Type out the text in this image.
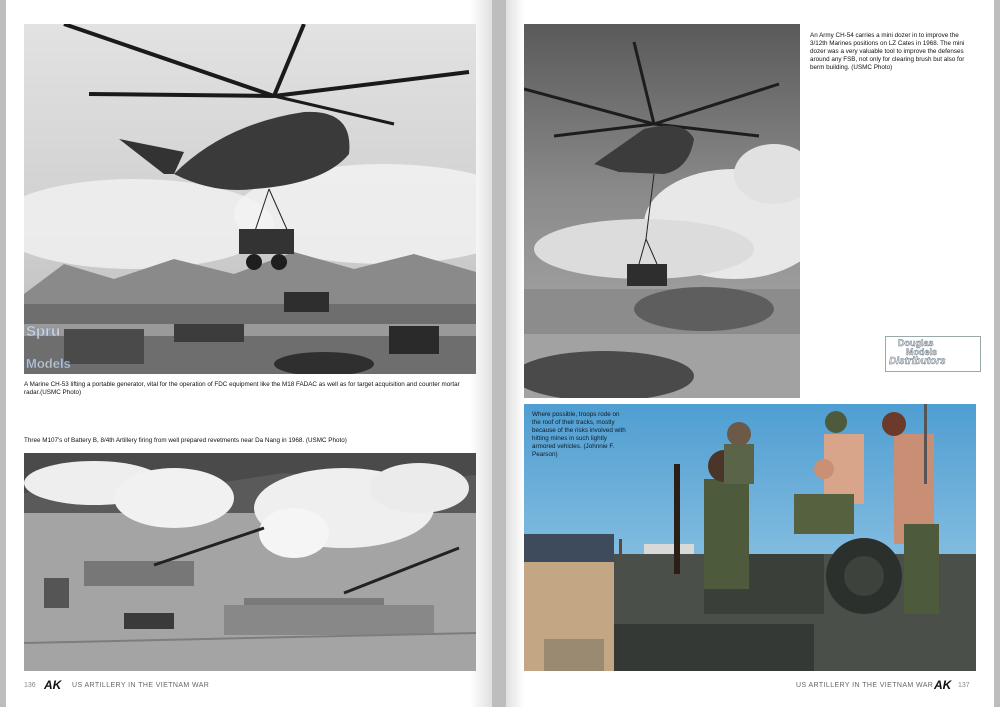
A Marine CH-53 lifting a portable generator, vital for the operation of FDC equipment like the M18 FADAC as well as for target acquisition and counter mortar radar.(USMC Photo)
Three M107's of Battery B, 8/4th Artillery firing from well prepared revetments near Da Nang in 1968. (USMC Photo)
Spru
Models
136 AK US ARTILLERY IN THE VIETNAM WAR
An Army CH-54 carries a mini dozer in to improve the 3/12th Marines positions on LZ Cates in 1968. The mini dozer was a very valuable tool to improve the defenses around any FSB, not only for clearing brush but also for berm building. (USMC Photo)
Douglas
Models
Distributors
Where possible, troops rode on the roof of their tracks, mostly because of the risks involved with hitting mines in such lightly armored vehicles. (Johnnie F. Pearson)
US ARTILLERY IN THE VIETNAM WAR AK 137
